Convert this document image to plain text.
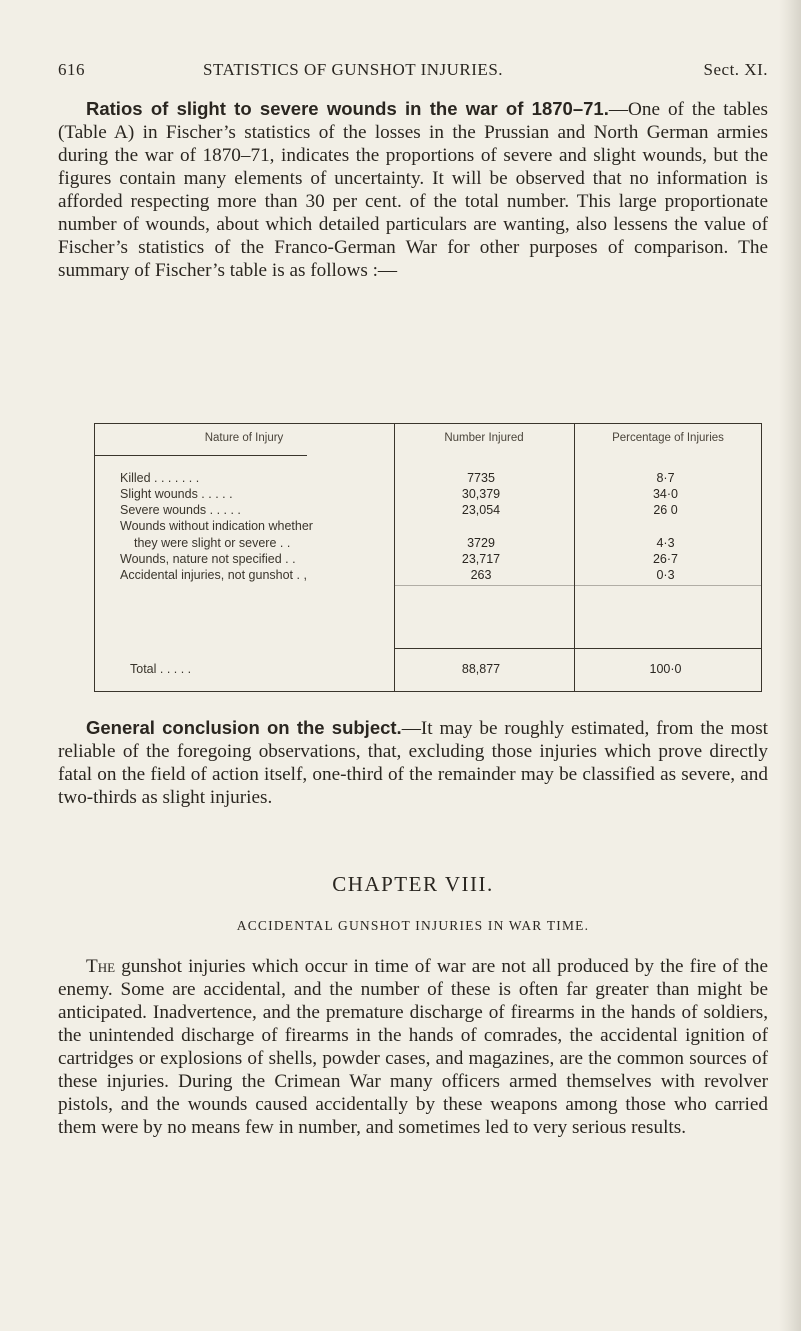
616	STATISTICS OF GUNSHOT INJURIES.	Sect. XI.
Ratios of slight to severe wounds in the war of 1870–71.—One of the tables (Table A) in Fischer’s statistics of the losses in the Prussian and North German armies during the war of 1870–71, indicates the proportions of severe and slight wounds, but the figures contain many elements of uncertainty. It will be observed that no information is afforded respecting more than 30 per cent. of the total number. This large proportionate number of wounds, about which detailed particulars are wanting, also lessens the value of Fischer’s statistics of the Franco-German War for other purposes of comparison. The summary of Fischer’s table is as follows :—
Nature of Injury	Number Injured	Percentage of Injuries
Killed . . . . . . .	7735	8·7
Slight wounds . . . . .	30,379	34·0
Severe wounds . . . . .	23,054	26 0
Wounds without indication whether
they were slight or severe . .	3729	4·3
Wounds, nature not specified . .	23,717	26·7
Accidental injuries, not gunshot . ,	263	0·3
Total . . . . .	88,877	100·0
General conclusion on the subject.—It may be roughly estimated, from the most reliable of the foregoing observations, that, excluding those injuries which prove directly fatal on the field of action itself, one-third of the remainder may be classified as severe, and two-thirds as slight injuries.
CHAPTER VIII.
ACCIDENTAL GUNSHOT INJURIES IN WAR TIME.
The gunshot injuries which occur in time of war are not all produced by the fire of the enemy. Some are accidental, and the number of these is often far greater than might be anticipated. Inadvertence, and the premature discharge of firearms in the hands of soldiers, the unintended discharge of firearms in the hands of comrades, the accidental ignition of cartridges or explosions of shells, powder cases, and magazines, are the common sources of these injuries. During the Crimean War many officers armed themselves with revolver pistols, and the wounds caused accidentally by these weapons among those who carried them were by no means few in number, and sometimes led to very serious results.
